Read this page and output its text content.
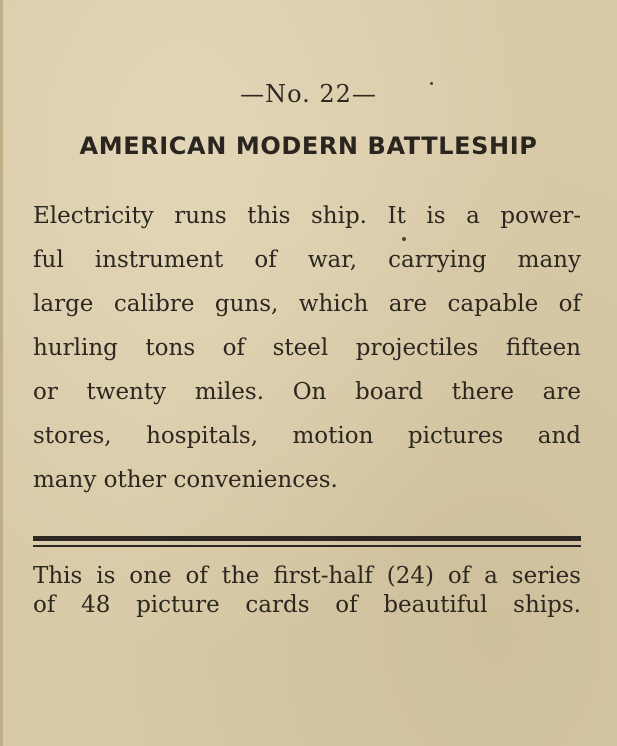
—No. 22—
AMERICAN MODERN BATTLESHIP
Electricity runs this ship. It is a power-
ful instrument of war, carrying many
large calibre guns, which are capable of
hurling tons of steel projectiles fifteen
or twenty miles. On board there are
stores, hospitals, motion pictures and
many other conveniences.
This is one of the first-half (24) of a series
of 48 picture cards of beautiful ships.
